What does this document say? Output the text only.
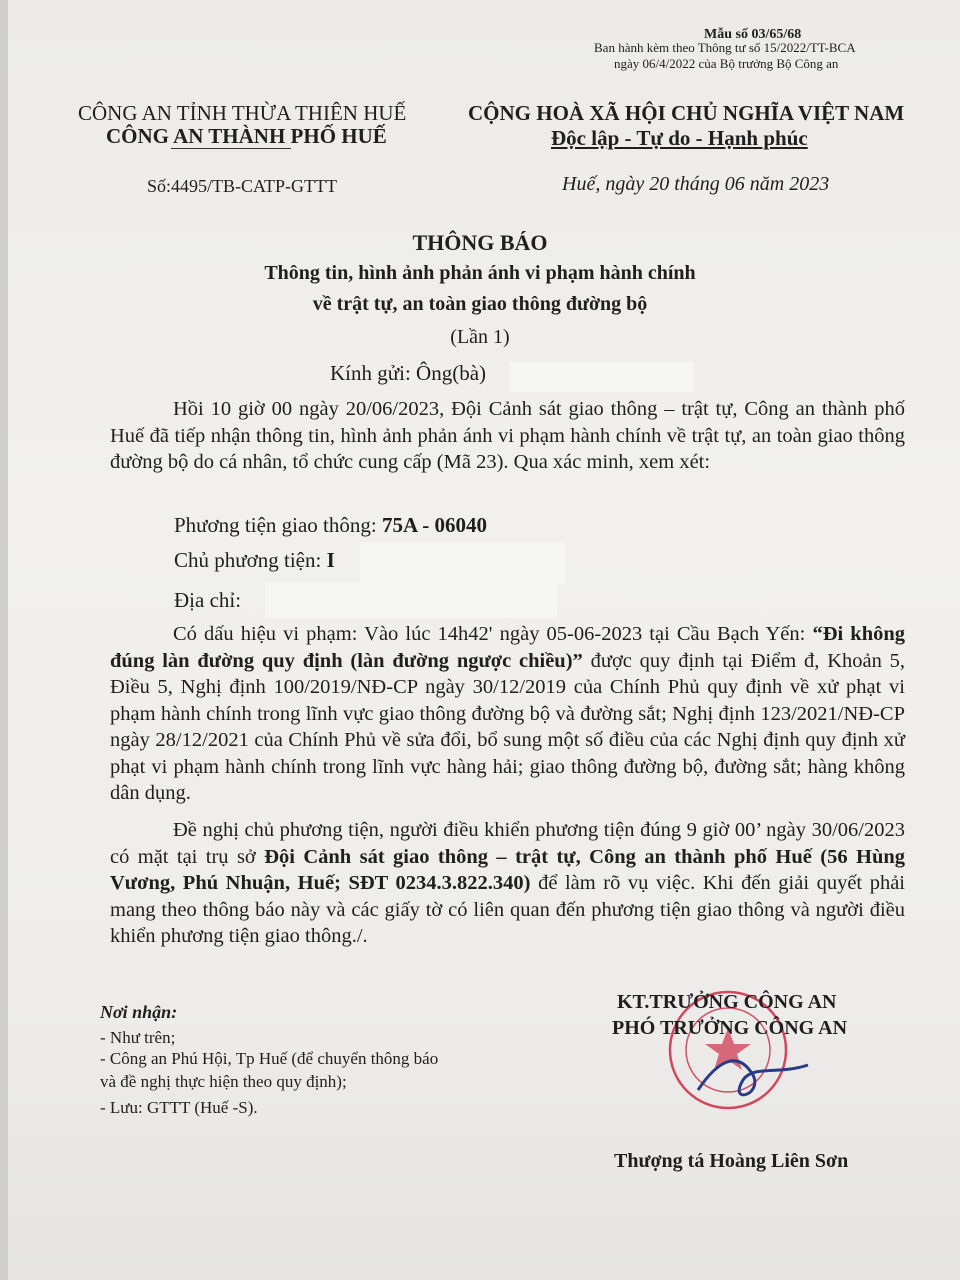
Mẫu số 03/65/68
Ban hành kèm theo Thông tư số 15/2022/TT-BCA
ngày 06/4/2022 của Bộ trưởng Bộ Công an
CÔNG AN TỈNH THỪA THIÊN HUẾ
CÔNG AN THÀNH PHỐ HUẾ
CỘNG HOÀ XÃ HỘI CHỦ NGHĨA VIỆT NAM
Độc lập - Tự do - Hạnh phúc
Số:4495/TB-CATP-GTTT	Huế, ngày 20 tháng 06 năm 2023
THÔNG BÁO
Thông tin, hình ảnh phản ánh vi phạm hành chính
về trật tự, an toàn giao thông đường bộ
(Lần 1)
Kính gửi: Ông(bà)
Hồi 10 giờ 00 ngày 20/06/2023, Đội Cảnh sát giao thông – trật tự, Công an thành phố Huế đã tiếp nhận thông tin, hình ảnh phản ánh vi phạm hành chính về trật tự, an toàn giao thông đường bộ do cá nhân, tổ chức cung cấp (Mã 23). Qua xác minh, xem xét:
Phương tiện giao thông: 75A - 06040
Chủ phương tiện: I
Địa chỉ:
Có dấu hiệu vi phạm: Vào lúc 14h42' ngày 05-06-2023 tại Cầu Bạch Yến: “Đi không đúng làn đường quy định (làn đường ngược chiều)” được quy định tại Điểm đ, Khoản 5, Điều 5, Nghị định 100/2019/NĐ-CP ngày 30/12/2019 của Chính Phủ quy định về xử phạt vi phạm hành chính trong lĩnh vực giao thông đường bộ và đường sắt; Nghị định 123/2021/NĐ-CP ngày 28/12/2021 của Chính Phủ về sửa đổi, bổ sung một số điều của các Nghị định quy định xử phạt vi phạm hành chính trong lĩnh vực hàng hải; giao thông đường bộ, đường sắt; hàng không dân dụng.
Đề nghị chủ phương tiện, người điều khiển phương tiện đúng 9 giờ 00’ ngày 30/06/2023 có mặt tại trụ sở Đội Cảnh sát giao thông – trật tự, Công an thành phố Huế (56 Hùng Vương, Phú Nhuận, Huế; SĐT 0234.3.822.340) để làm rõ vụ việc. Khi đến giải quyết phải mang theo thông báo này và các giấy tờ có liên quan đến phương tiện giao thông và người điều khiển phương tiện giao thông./.
Nơi nhận:
- Như trên;
- Công an Phú Hội, Tp Huế (để chuyển thông báo
và đề nghị thực hiện theo quy định);
- Lưu: GTTT (Huế -S).
KT.TRƯỞNG CÔNG AN
PHÓ TRƯỞNG CÔNG AN
Thượng tá Hoàng Liên Sơn
